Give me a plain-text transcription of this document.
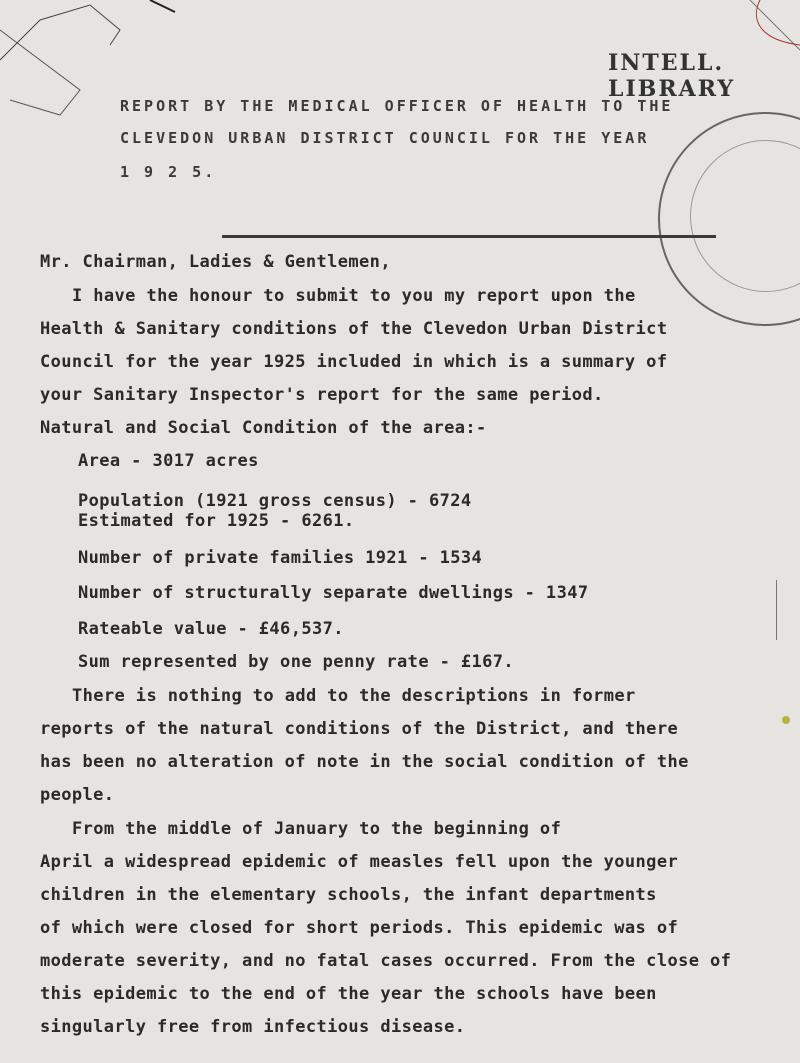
INTELL. LIBRARY
REPORT BY THE MEDICAL OFFICER OF HEALTH TO THE
CLEVEDON URBAN DISTRICT COUNCIL FOR THE YEAR
1 9 2 5.
Mr. Chairman, Ladies & Gentlemen,
I have the honour to submit to you my report upon the
Health & Sanitary conditions of the Clevedon Urban District
Council for the year 1925 included in which is a summary of
your Sanitary Inspector's report for the same period.
Natural and Social Condition of the area:-
Area - 3017 acres
Population (1921 gross census) - 6724
Estimated for 1925 - 6261.
Number of private families 1921 - 1534
Number of structurally separate dwellings - 1347
Rateable value - £46,537.
Sum represented by one penny rate - £167.
There is nothing to add to the descriptions in former
reports of the natural conditions of the District, and there
has been no alteration of note in the social condition of the
people.
From the middle of January to the beginning of
April a widespread epidemic of measles fell upon the younger
children in the elementary schools, the infant departments
of which were closed for short periods. This epidemic was of
moderate severity, and no fatal cases occurred. From the close of
this epidemic to the end of the year the schools have been
singularly free from infectious disease.
